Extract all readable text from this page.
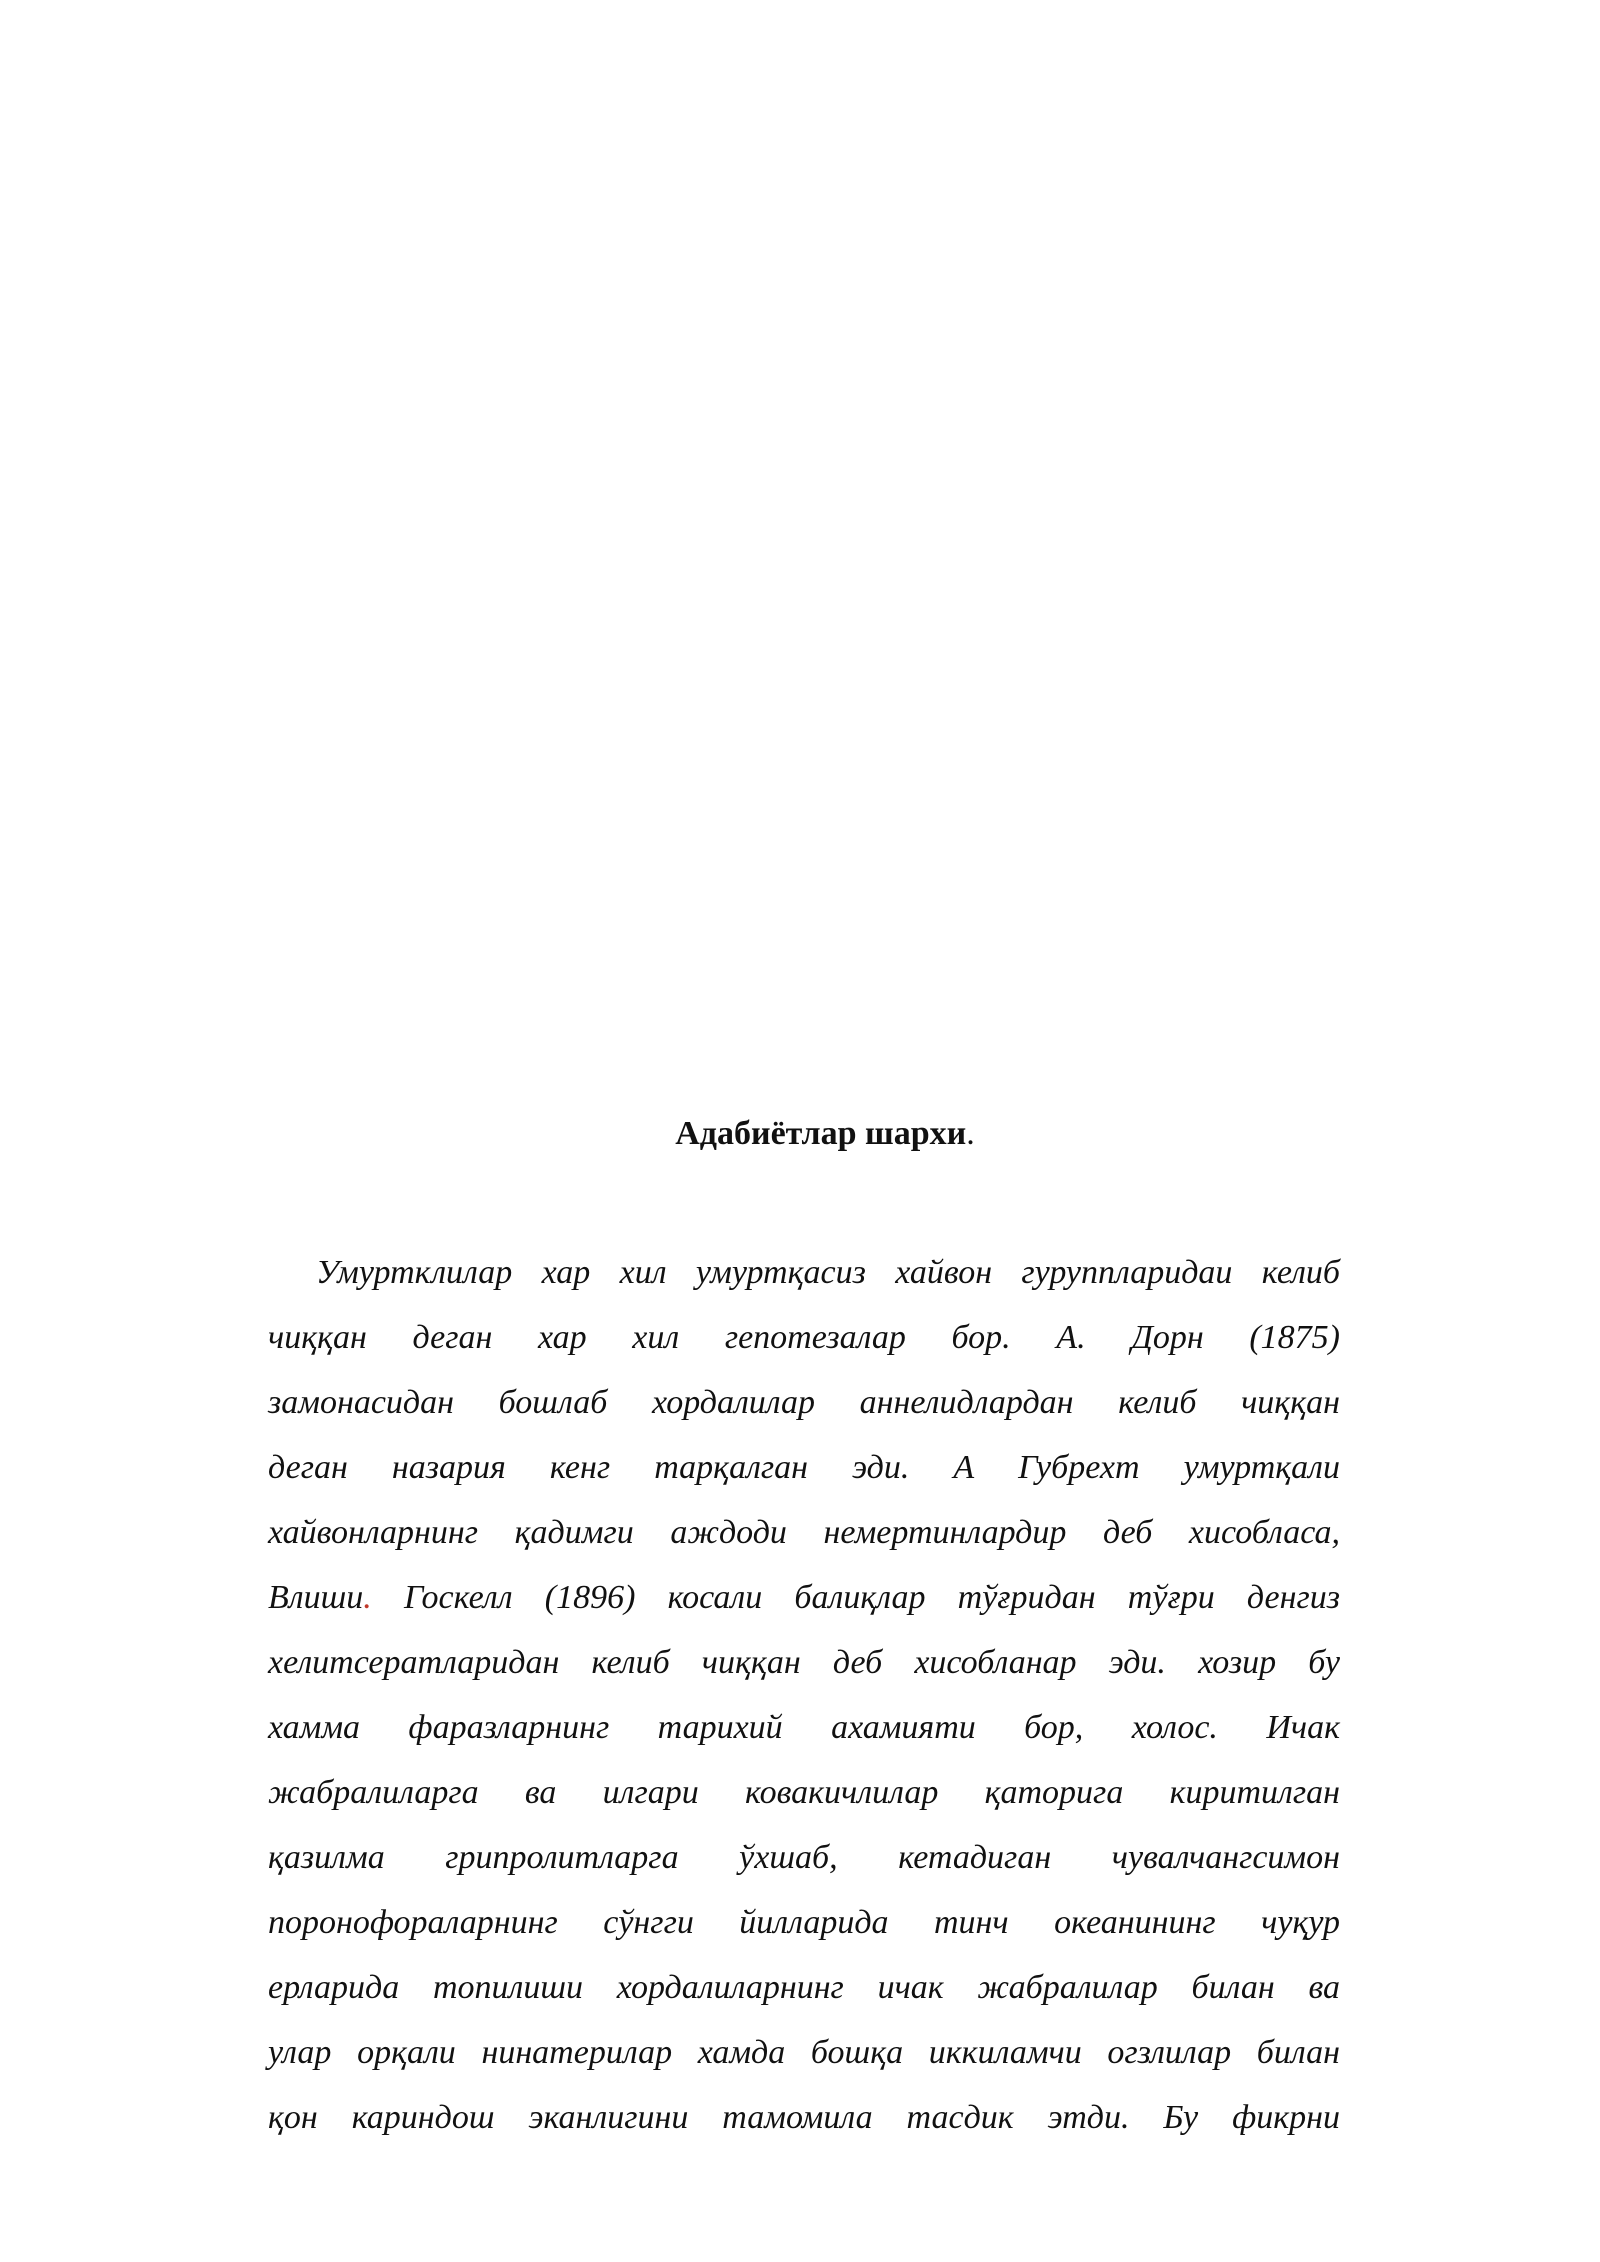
Адабиётлар шархи.
Умуртклилар хар хил умуртқасиз хайвон гуруппларидаи келиб
чиққан деган хар хил гепотезалар бор. А. Дорн (1875)
замонасидан бошлаб хордалилар аннелидлардан келиб чиққан
деган назария кенг тарқалган эди. А Губрехт умуртқали
хайвонларнинг қадимги аждоди немертинлардир деб хисобласа,
Влиши. Госкелл (1896) косали балиқлар тўғридан тўғри денгиз
хелитсератларидан келиб чиққан деб хисобланар эди. хозир бу
хамма фаразларнинг тарихий ахамияти бор, холос. Ичак
жабралиларга ва илгари ковакичлилар қаторига киритилган
қазилма грипролитларга ўхшаб, кетадиган чувалчангсимон
поронофораларнинг сўнгги йилларида тинч океанининг чуқур
ерларида топилиши хордалиларнинг ичак жабралилар билан ва
улар орқали нинатерилар хамда бошқа иккиламчи огзлилар билан
қон кариндош эканлигини тамомила тасдик этди. Бу фикрни
